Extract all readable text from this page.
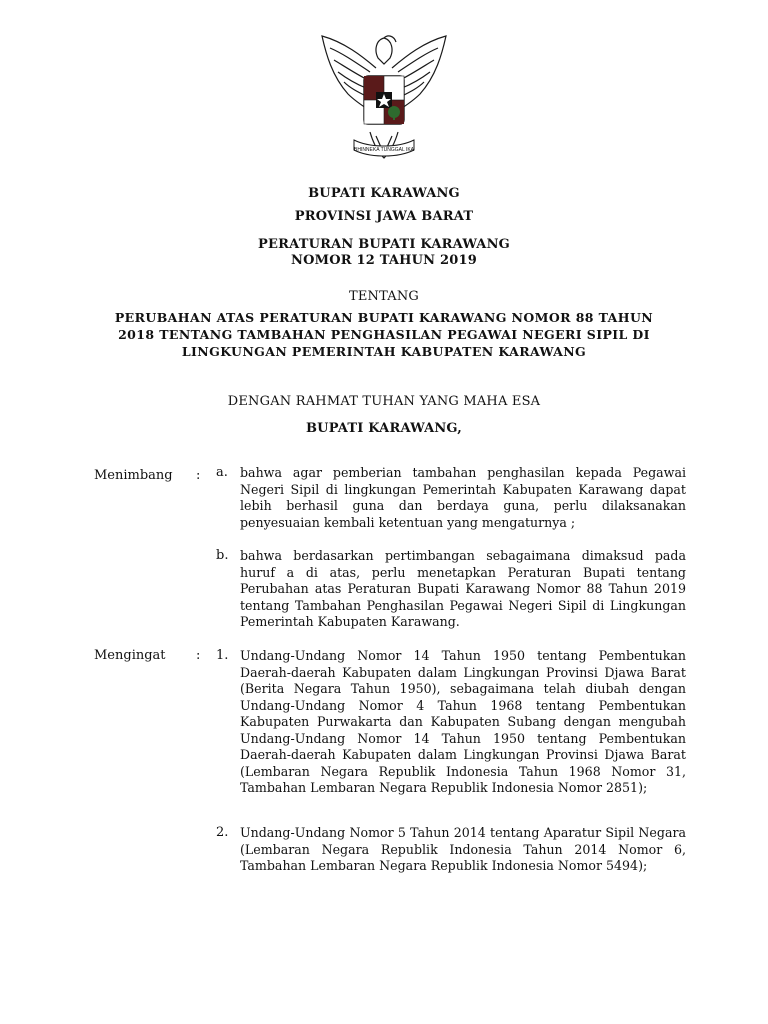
BHINNEKA TUNGGAL IKA
BUPATI KARAWANG
PROVINSI JAWA BARAT
PERATURAN BUPATI KARAWANG
NOMOR 12 TAHUN 2019
TENTANG
PERUBAHAN ATAS PERATURAN BUPATI KARAWANG NOMOR 88 TAHUN
2018 TENTANG TAMBAHAN PENGHASILAN PEGAWAI NEGERI SIPIL DI
LINGKUNGAN PEMERINTAH KABUPATEN KARAWANG
DENGAN RAHMAT TUHAN YANG MAHA ESA
BUPATI KARAWANG,
Menimbang : a. bahwa agar pemberian tambahan penghasilan kepada Pegawai Negeri Sipil di lingkungan Pemerintah Kabupaten Karawang dapat lebih berhasil guna dan berdaya guna, perlu dilaksanakan penyesuaian kembali ketentuan yang mengaturnya ;
b. bahwa berdasarkan pertimbangan sebagaimana dimaksud pada huruf a di atas, perlu menetapkan Peraturan Bupati tentang Perubahan atas Peraturan Bupati Karawang Nomor 88 Tahun 2019 tentang Tambahan Penghasilan Pegawai Negeri Sipil di Lingkungan Pemerintah Kabupaten Karawang.
Mengingat : 1. Undang-Undang Nomor 14 Tahun 1950 tentang Pembentukan Daerah-daerah Kabupaten dalam Lingkungan Provinsi Djawa Barat (Berita Negara Tahun 1950), sebagaimana telah diubah dengan Undang-Undang Nomor 4 Tahun 1968 tentang Pembentukan Kabupaten Purwakarta dan Kabupaten Subang dengan mengubah Undang-Undang Nomor 14 Tahun 1950 tentang Pembentukan Daerah-daerah Kabupaten dalam Lingkungan Provinsi Djawa Barat (Lembaran Negara Republik Indonesia Tahun 1968 Nomor 31, Tambahan Lembaran Negara Republik Indonesia Nomor 2851);
2. Undang-Undang Nomor 5 Tahun 2014 tentang Aparatur Sipil Negara (Lembaran Negara Republik Indonesia Tahun 2014 Nomor 6, Tambahan Lembaran Negara Republik Indonesia Nomor 5494);
